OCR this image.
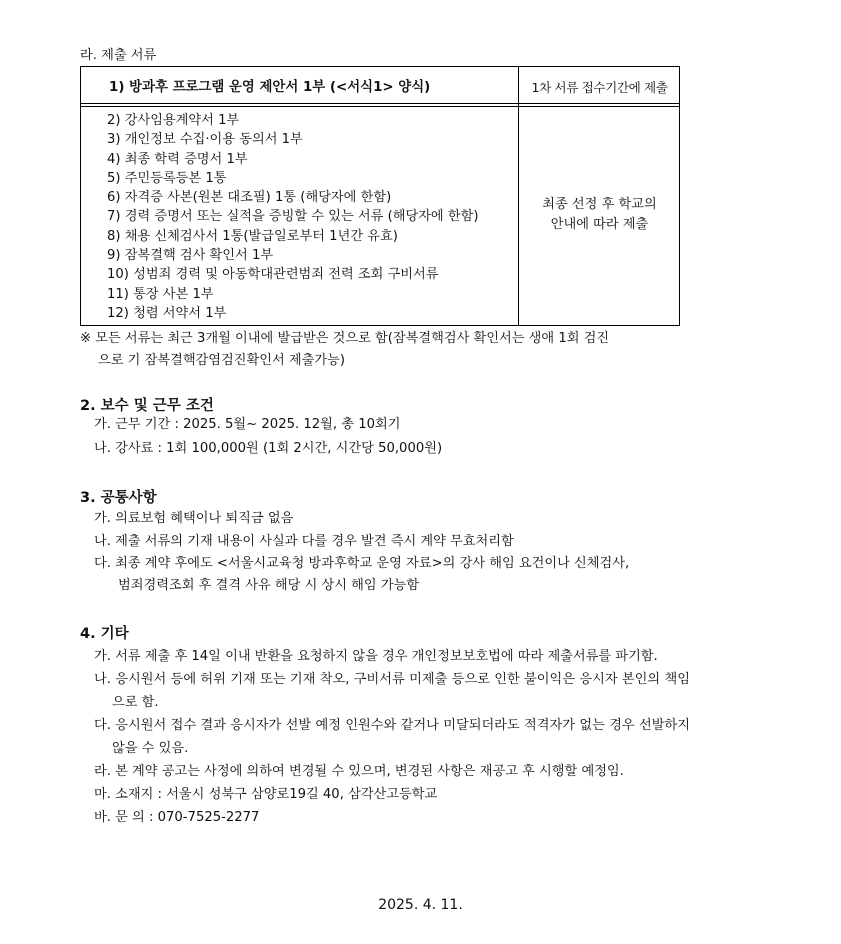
라. 제출 서류
1) 방과후 프로그램 운영 제안서 1부 (<서식1> 양식)	1차 서류 접수기간에 제출
2) 강사임용계약서 1부
3) 개인정보 수집·이용 동의서 1부
4) 최종 학력 증명서 1부
5) 주민등록등본 1통
6) 자격증 사본(원본 대조필) 1통 (해당자에 한함)
7) 경력 증명서 또는 실적을 증빙할 수 있는 서류 (해당자에 한함)
8) 채용 신체검사서 1통(발급일로부터 1년간 유효)
9) 잠복결핵 검사 확인서 1부
10) 성범죄 경력 및 아동학대관련범죄 전력 조회 구비서류
11) 통장 사본 1부
12) 청렴 서약서 1부
최종 선정 후 학교의
안내에 따라 제출
※ 모든 서류는 최근 3개월 이내에 발급받은 것으로 함(잠복결핵검사 확인서는 생애 1회 검진
으로 기 잠복결핵감염검진확인서 제출가능)
2. 보수 및 근무 조건
가. 근무 기간 : 2025. 5월~ 2025. 12월, 총 10회기
나. 강사료 : 1회 100,000원 (1회 2시간, 시간당 50,000원)
3. 공통사항
가. 의료보험 혜택이나 퇴직금 없음
나. 제출 서류의 기재 내용이 사실과 다를 경우 발견 즉시 계약 무효처리함
다. 최종 계약 후에도 <서울시교육청 방과후학교 운영 자료>의 강사 해임 요건이나 신체검사,
범죄경력조회 후 결격 사유 해당 시 상시 해임 가능함
4. 기타
가. 서류 제출 후 14일 이내 반환을 요청하지 않을 경우 개인정보보호법에 따라 제출서류를 파기함.
나. 응시원서 등에 허위 기재 또는 기재 착오, 구비서류 미제출 등으로 인한 불이익은 응시자 본인의 책임으로 함.
다. 응시원서 접수 결과 응시자가 선발 예정 인원수와 같거나 미달되더라도 적격자가 없는 경우 선발하지 않을 수 있음.
라. 본 계약 공고는 사정에 의하여 변경될 수 있으며, 변경된 사항은 재공고 후 시행할 예정임.
마. 소재지 : 서울시 성북구 삼양로19길 40, 삼각산고등학교
바. 문 의 : 070-7525-2277
2025. 4. 11.
